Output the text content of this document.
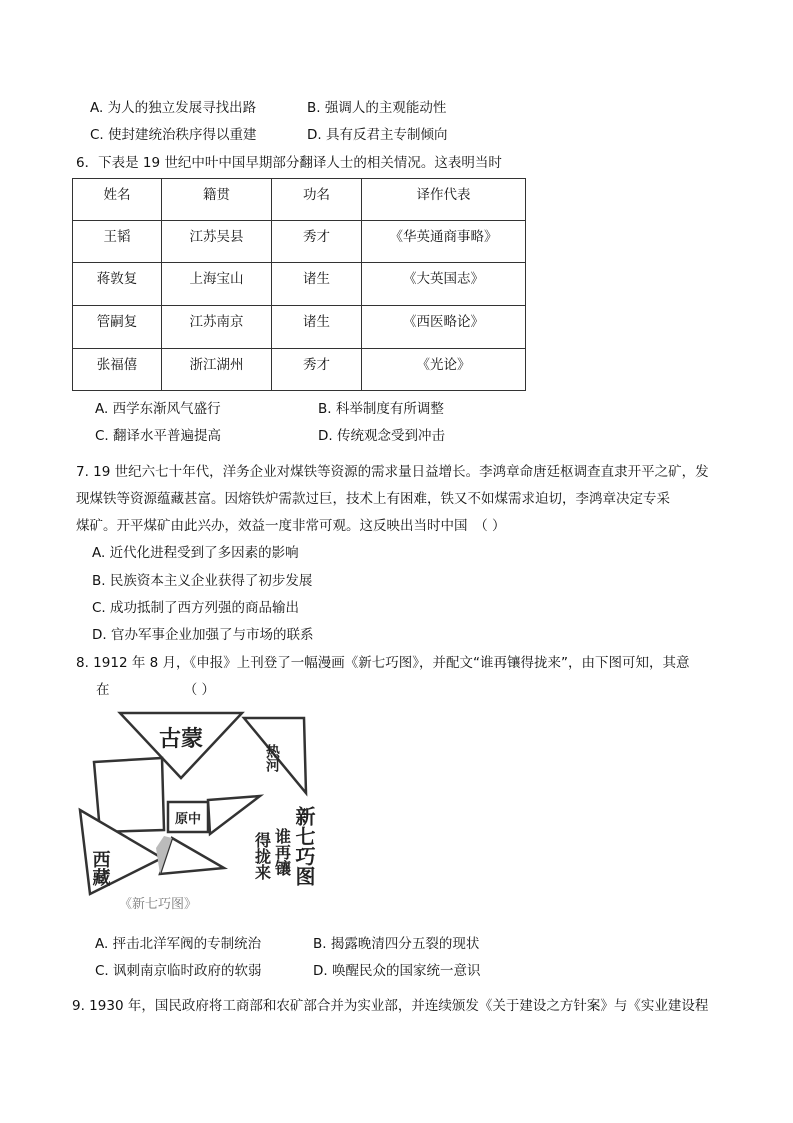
A. 为人的独立发展寻找出路	B. 强调人的主观能动性
C. 使封建统治秩序得以重建	D. 具有反君主专制倾向
6．下表是 19 世纪中叶中国早期部分翻译人士的相关情况。这表明当时
姓名	籍贯	功名	译作代表
王韬	江苏吴县	秀才	《华英通商事略》
蒋敦复	上海宝山	诸生	《大英国志》
管嗣复	江苏南京	诸生	《西医略论》
张福僖	浙江湖州	秀才	《光论》
A. 西学东渐风气盛行	B. 科举制度有所调整
C. 翻译水平普遍提高	D. 传统观念受到冲击
7. 19 世纪六七十年代，洋务企业对煤铁等资源的需求量日益增长。李鸿章命唐廷枢调查直隶开平之矿，发
现煤铁等资源蕴藏甚富。因熔铁炉需款过巨，技术上有困难，铁又不如煤需求迫切，李鸿章决定专采
煤矿。开平煤矿由此兴办，效益一度非常可观。这反映出当时中国　（ ）
A. 近代化进程受到了多因素的影响
B. 民族资本主义企业获得了初步发展
C. 成功抵制了西方列强的商品输出
D. 官办军事企业加强了与市场的联系
8. 1912 年 8 月，《申报》上刊登了一幅漫画《新七巧图》，并配文“谁再镶得拢来”，由下图可知，其意
在　　　　　　（ ）
古蒙
热河
原中
西藏	新七巧图
谁再镶
得拢来
《新七巧图》
A. 抨击北洋军阀的专制统治	B. 揭露晚清四分五裂的现状
C. 讽刺南京临时政府的软弱	D. 唤醒民众的国家统一意识
9. 1930 年，国民政府将工商部和农矿部合并为实业部，并连续颁发《关于建设之方针案》与《实业建设程
